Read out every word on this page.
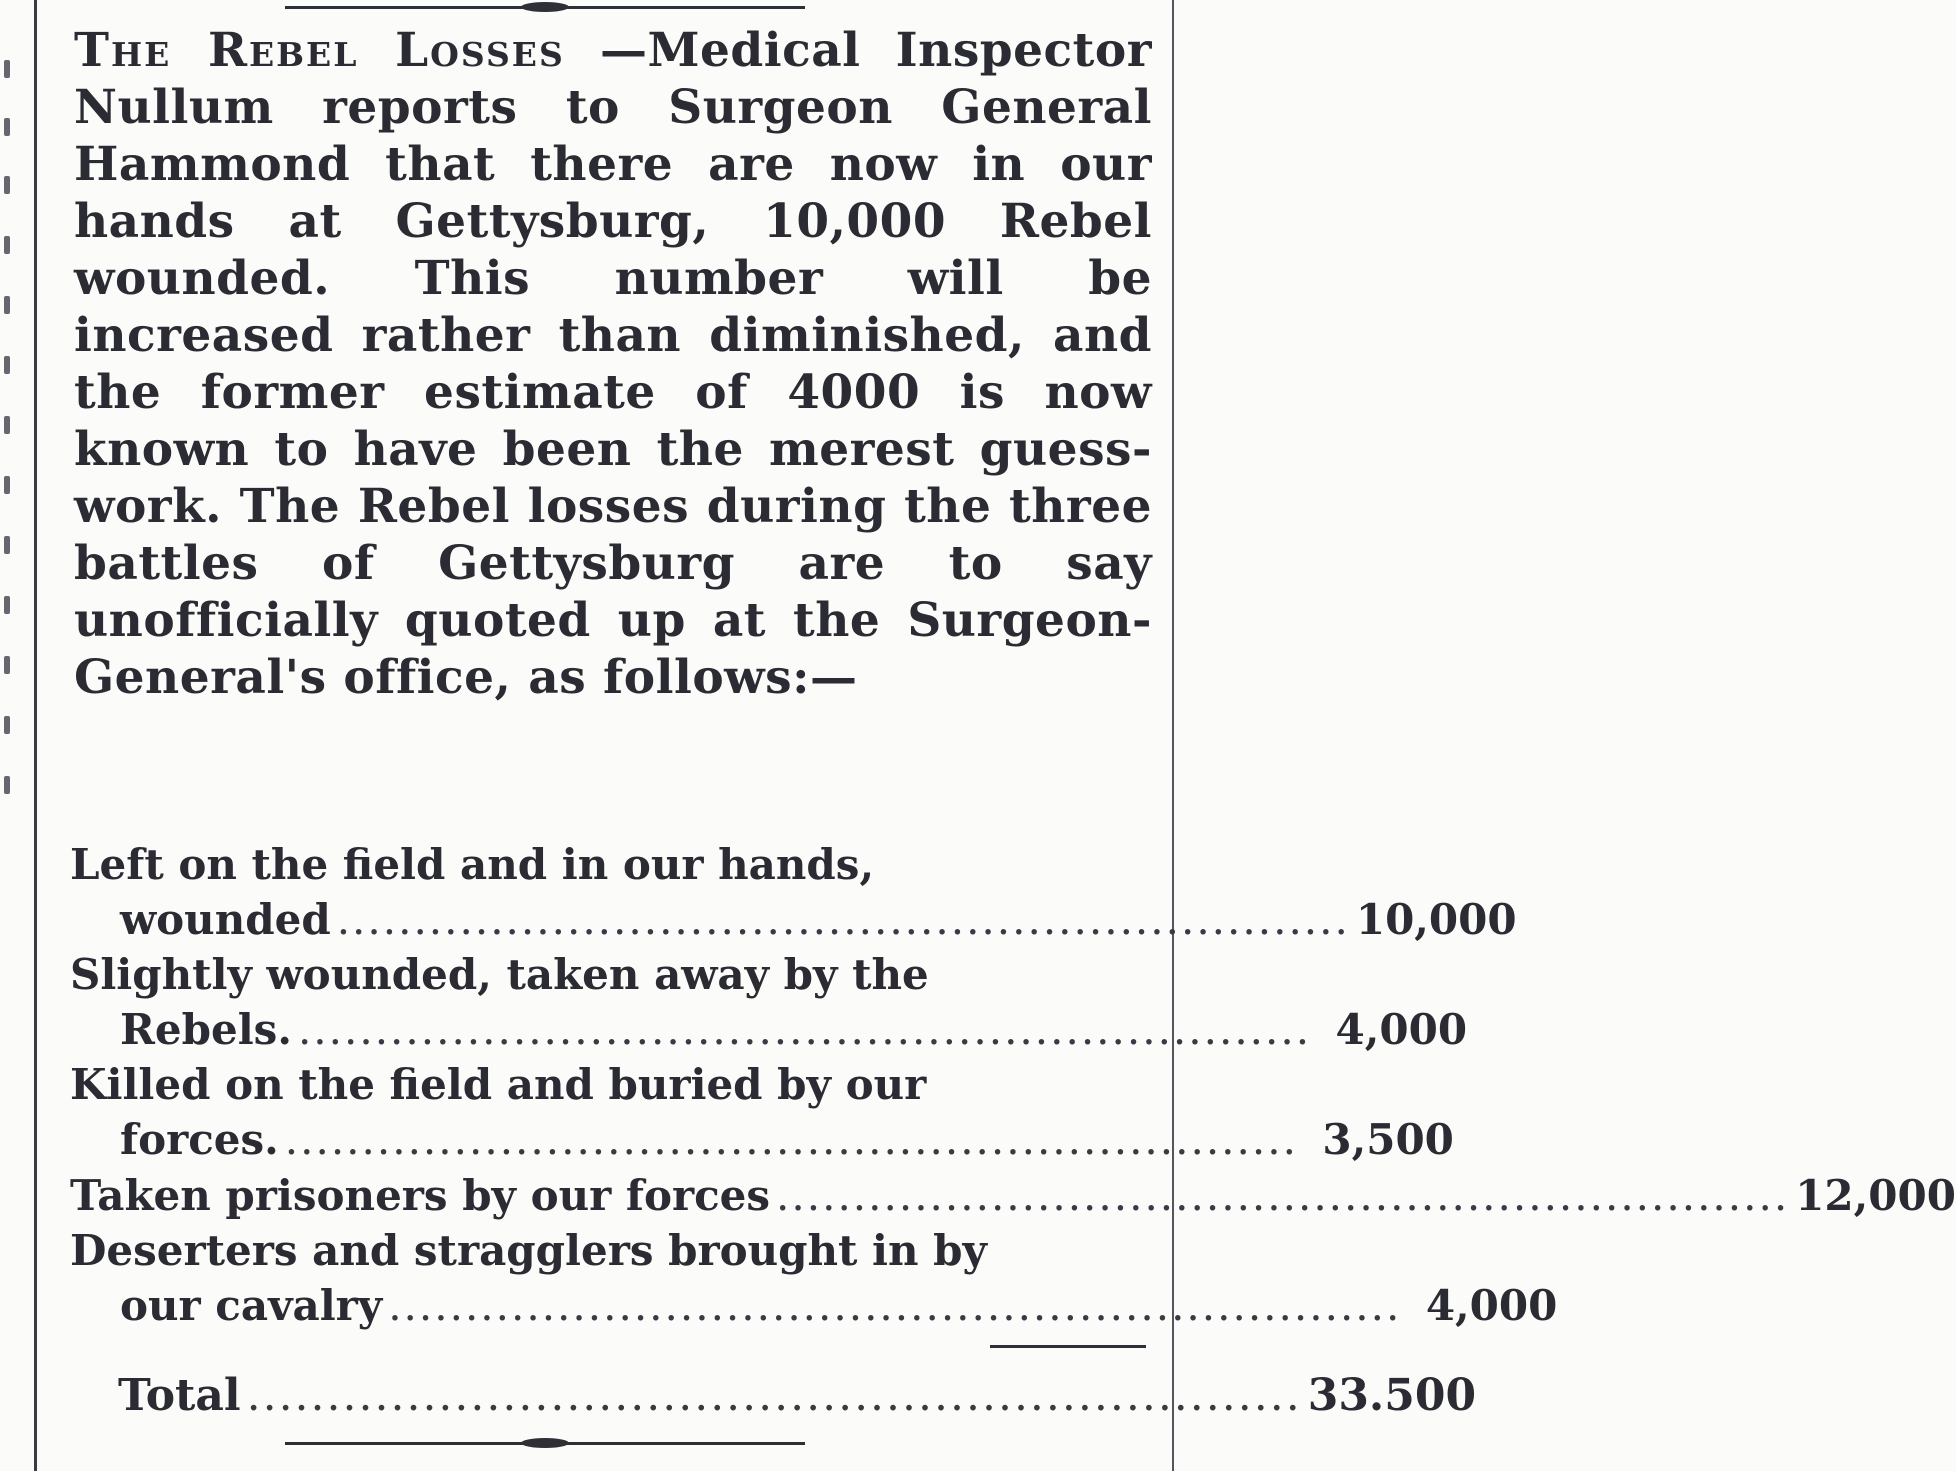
The Rebel Losses —Medical Inspector Nullum reports to Surgeon General Hammond that there are now in our hands at Gettysburg, 10,000 Rebel wounded. This number will be increased rather than diminished, and the former estimate of 4000 is now known to have been the merest guess-work. The Rebel losses during the three battles of Gettysburg are to say unofficially quoted up at the Surgeon-General's office, as follows:—

Left on the field and in our hands,
wounded .................................................................. 10,000
Slightly wounded, taken away by the
Rebels. .................................................................. 4,000
Killed on the field and buried by our
forces. .................................................................. 3,500
Taken prisoners by our forces .................................................................. 12,000
Deserters and stragglers brought in by
our cavalry .................................................................. 4,000
Total .................................................................. 33.500
